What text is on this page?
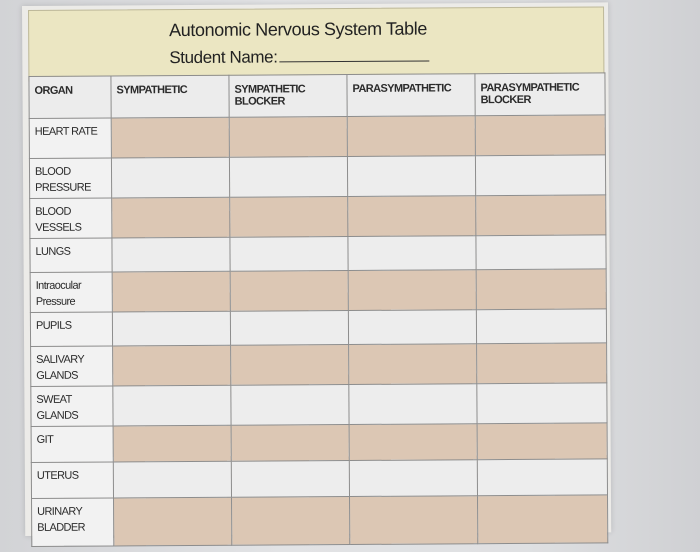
Autonomic Nervous System Table
Student Name:
ORGAN	SYMPATHETIC	SYMPATHETIC BLOCKER	PARASYMPATHETIC	PARASYMPATHETIC BLOCKER
HEART RATE				
BLOOD PRESSURE				
BLOOD VESSELS				
LUNGS				
Intraocular Pressure				
PUPILS				
SALIVARY GLANDS				
SWEAT GLANDS				
GIT				
UTERUS				
URINARY BLADDER				
